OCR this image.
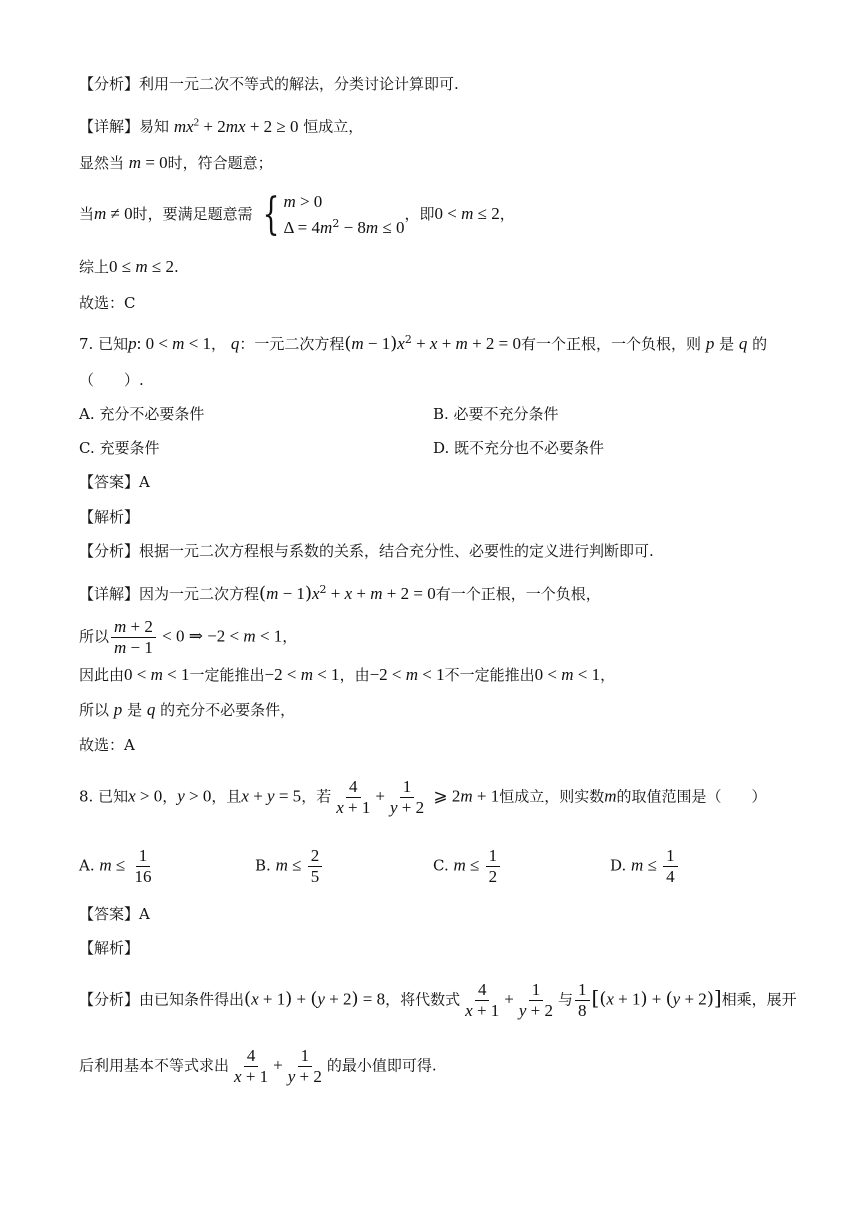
【分析】利用一元二次不等式的解法，分类讨论计算即可.
【详解】易知 $mx^2 + 2mx + 2 \ge 0$ 恒成立，
显然当 m = 0时，符合题意；
当m ≠ 0时，要满足题意需 { m > 0
$\Delta = 4m^2 - 8m \le 0$
，即0 < m ≤ 2，
综上0 ≤ m ≤ 2.
故选：C
7. 已知p: 0 < m < 1， q：一元二次方程$(m - 1)x^2 + x + m + 2 = 0$有一个正根，一个负根，则 p 是 q 的
（　　）.
A. 充分不必要条件	B. 必要不充分条件
C. 充要条件	D. 既不充分也不必要条件
【答案】A
【解析】
【分析】根据一元二次方程根与系数的关系，结合充分性、必要性的定义进行判断即可.
【详解】因为一元二次方程$(m - 1)x^2 + x + m + 2 = 0$有一个正根，一个负根，
所以 $\frac{m + 2}{m - 1} < 0$ ⇒ −2 < m < 1，
因此由0 < m < 1一定能推出−2 < m < 1，由−2 < m < 1不一定能推出0 < m < 1，
所以 p 是 q 的充分不必要条件，
故选：A
8. 已知x > 0，y > 0，且x + y = 5，若 $\frac{4}{x + 1} + \frac{1}{y + 2}$ ⩾ 2m + 1恒成立，则实数m的取值范围是（　　）
A. $m \le \frac{1}{16}$	B. $m \le \frac{2}{5}$	C. $m \le \frac{1}{2}$	D. $m \le \frac{1}{4}$
【答案】A
【解析】
【分析】由已知条件得出(x + 1) + (y + 2) = 8，将代数式 $\frac{4}{x + 1} + \frac{1}{y + 2}$ 与 $\frac{1}{8} [(x + 1) + (y + 2)]$相乘，展开
后利用基本不等式求出 $\frac{4}{x + 1} + \frac{1}{y + 2}$ 的最小值即可得.
